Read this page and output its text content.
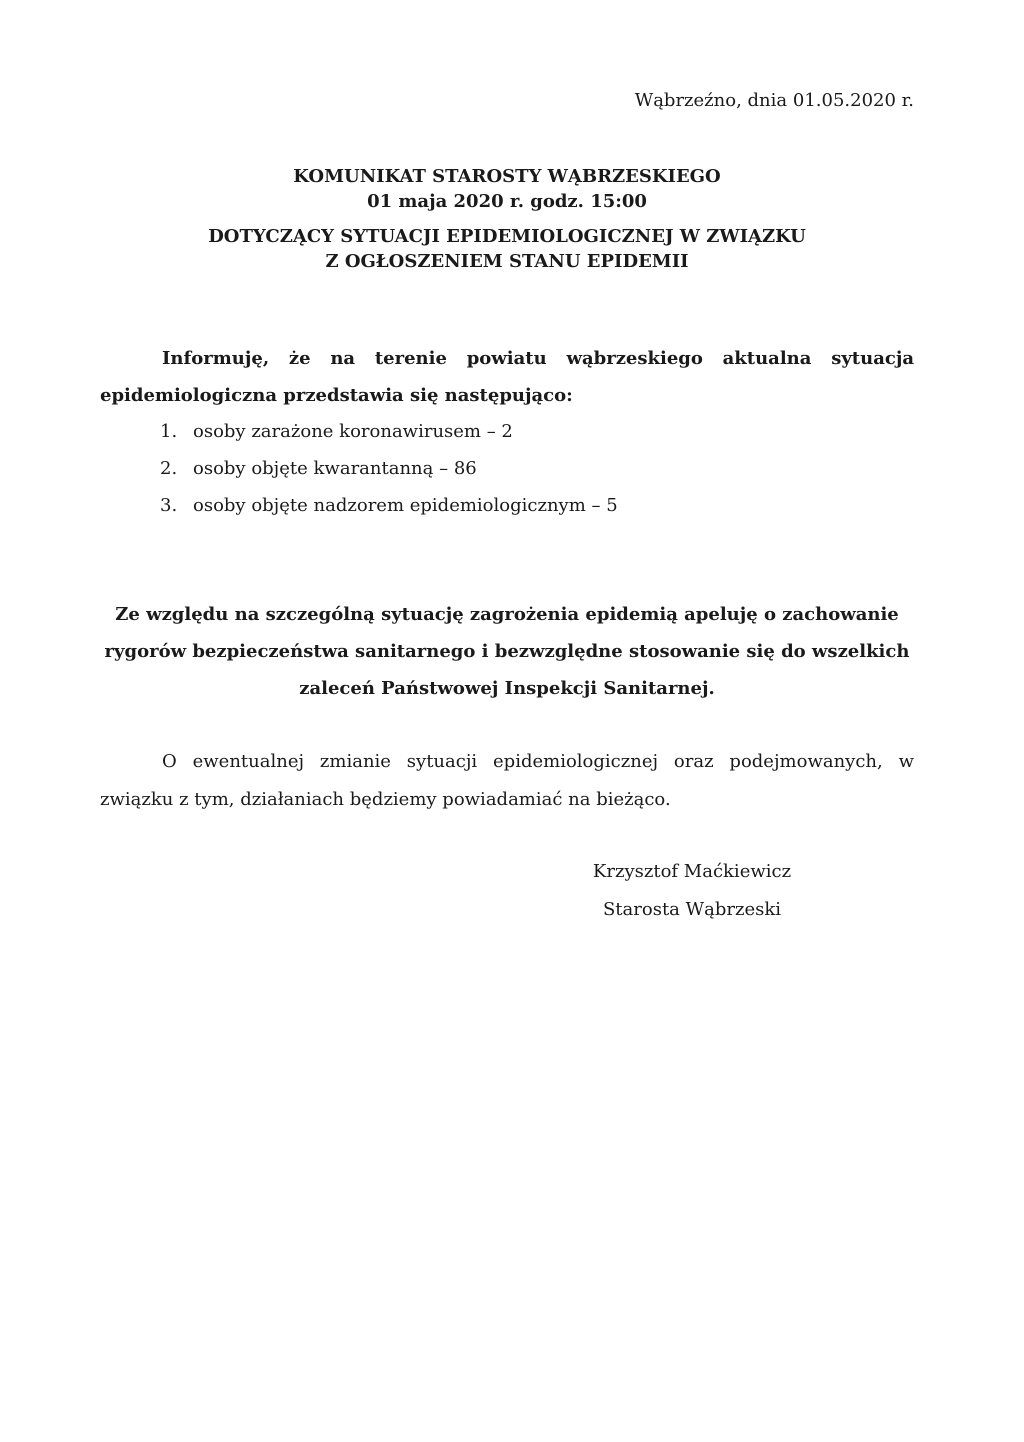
Wąbrzeźno, dnia 01.05.2020 r.
KOMUNIKAT STAROSTY WĄBRZESKIEGO
01 maja 2020 r. godz. 15:00
DOTYCZĄCY SYTUACJI EPIDEMIOLOGICZNEJ W ZWIĄZKU
Z OGŁOSZENIEM STANU EPIDEMII
Informuję, że na terenie powiatu wąbrzeskiego aktualna sytuacja epidemiologiczna przedstawia się następująco:
1. osoby zarażone koronawirusem – 2
2. osoby objęte kwarantanną – 86
3. osoby objęte nadzorem epidemiologicznym – 5
Ze względu na szczególną sytuację zagrożenia epidemią apeluję o zachowanie
rygorów bezpieczeństwa sanitarnego i bezwzględne stosowanie się do wszelkich
zaleceń Państwowej Inspekcji Sanitarnej.
O ewentualnej zmianie sytuacji epidemiologicznej oraz podejmowanych, w związku z tym, działaniach będziemy powiadamiać na bieżąco.
Krzysztof Maćkiewicz
Starosta Wąbrzeski
